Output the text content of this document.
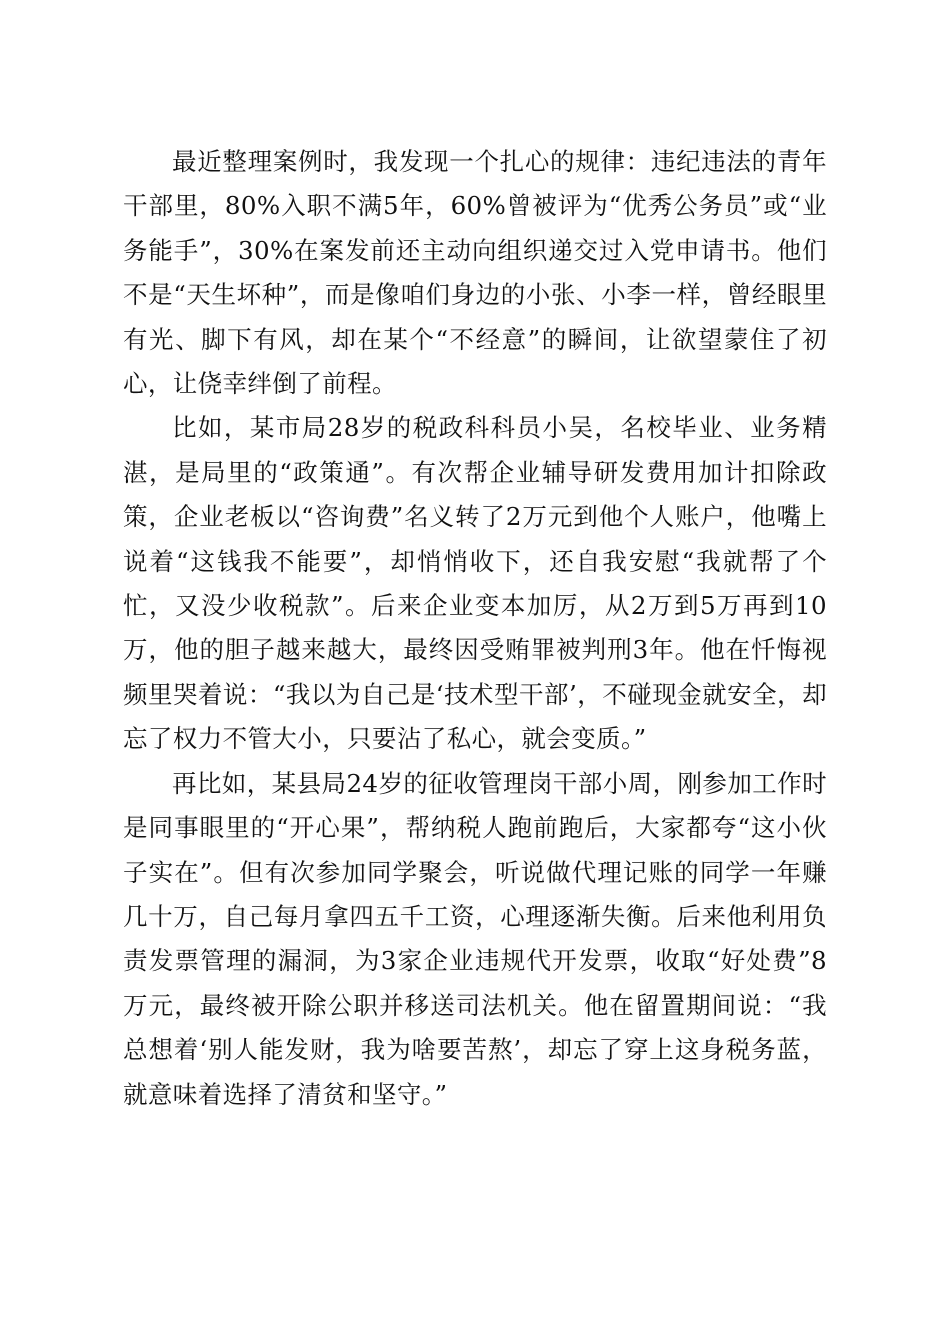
最近整理案例时，我发现一个扎心的规律：违纪违法的青年干部里，80%入职不满5年，60%曾被评为“优秀公务员”或“业务能手”，30%在案发前还主动向组织递交过入党申请书。他们不是“天生坏种”，而是像咱们身边的小张、小李一样，曾经眼里有光、脚下有风，却在某个“不经意”的瞬间，让欲望蒙住了初心，让侥幸绊倒了前程。

比如，某市局28岁的税政科科员小吴，名校毕业、业务精湛，是局里的“政策通”。有次帮企业辅导研发费用加计扣除政策，企业老板以“咨询费”名义转了2万元到他个人账户，他嘴上说着“这钱我不能要”，却悄悄收下，还自我安慰“我就帮了个忙，又没少收税款”。后来企业变本加厉，从2万到5万再到10万，他的胆子越来越大，最终因受贿罪被判刑3年。他在忏悔视频里哭着说：“我以为自己是‘技术型干部’，不碰现金就安全，却忘了权力不管大小，只要沾了私心，就会变质。”

再比如，某县局24岁的征收管理岗干部小周，刚参加工作时是同事眼里的“开心果”，帮纳税人跑前跑后，大家都夸“这小伙子实在”。但有次参加同学聚会，听说做代理记账的同学一年赚几十万，自己每月拿四五千工资，心理逐渐失衡。后来他利用负责发票管理的漏洞，为3家企业违规代开发票，收取“好处费”8万元，最终被开除公职并移送司法机关。他在留置期间说：“我总想着‘别人能发财，我为啥要苦熬’，却忘了穿上这身税务蓝，就意味着选择了清贫和坚守。”
